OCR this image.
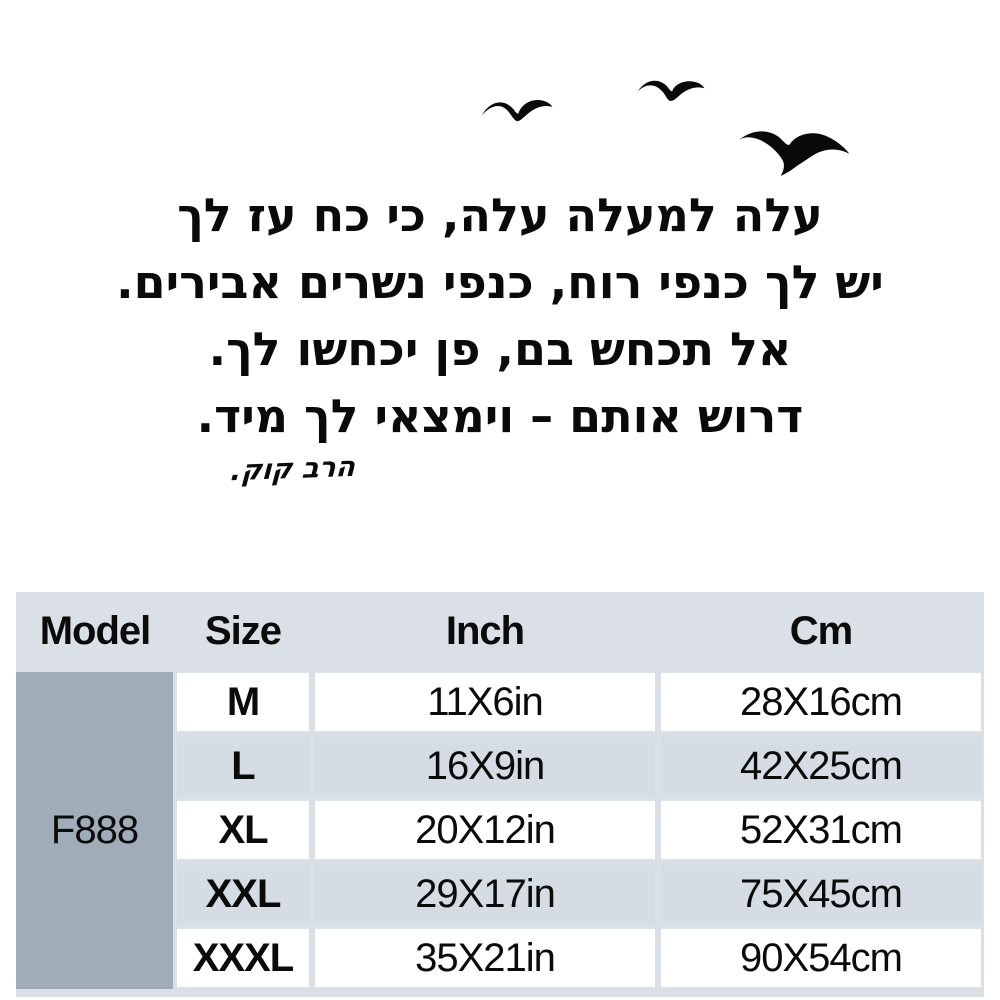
עלה למעלה עלה, כי כח עז לך
יש לך כנפי רוח, כנפי נשרים אבירים.
אל תכחש בם, פן יכחשו לך.
דרוש אותם – וימצאי לך מיד.
הרב קוק.
Model	Size	Inch	Cm
F888
M	11X6in	28X16cm
L	16X9in	42X25cm
XL	20X12in	52X31cm
XXL	29X17in	75X45cm
XXXL	35X21in	90X54cm
